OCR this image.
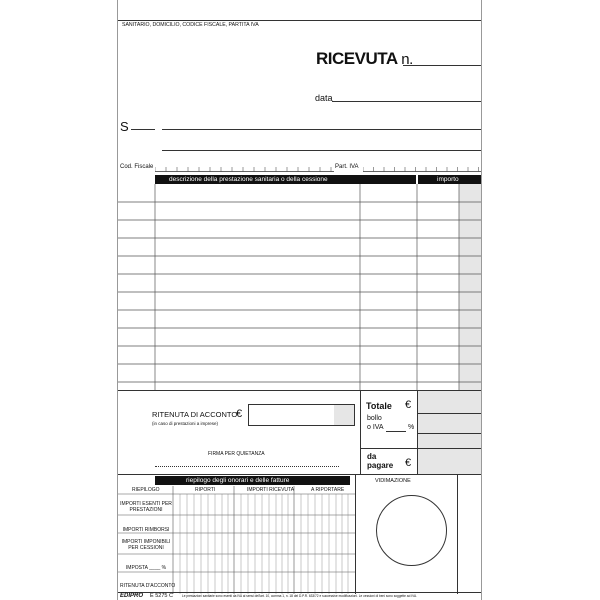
SANITARIO, DOMICILIO, CODICE FISCALE, PARTITA IVA
RICEVUTA n.
data
S
Cod. Fiscale	Part. IVA
descrizione della prestazione sanitaria o della cessione	importo
RITENUTA DI ACCONTO
(in caso di prestazioni a imprese)
€
FIRMA PER QUIETANZA
Totale €
bollo
o IVA	%
da
pagare €
riepilogo degli onorari e delle fatture	VIDIMAZIONE
RIEPILOGO	RIPORTI	IMPORTI RICEVUTA	A RIPORTARE
IMPORTI ESENTI PER PRESTAZIONI
IMPORTI RIMBORSI
IMPORTI IMPONIBILI PER CESSIONI
IMPOSTA ____ %
RITENUTA D'ACCONTO
EDIPRO E 5275 C	Le prestazioni sanitarie sono esenti da IVA ai sensi dell'art. 10, comma 1, n. 18 del D.P.R. 633/72 e successive modificazioni. Le cessioni di beni sono soggette ad IVA.
